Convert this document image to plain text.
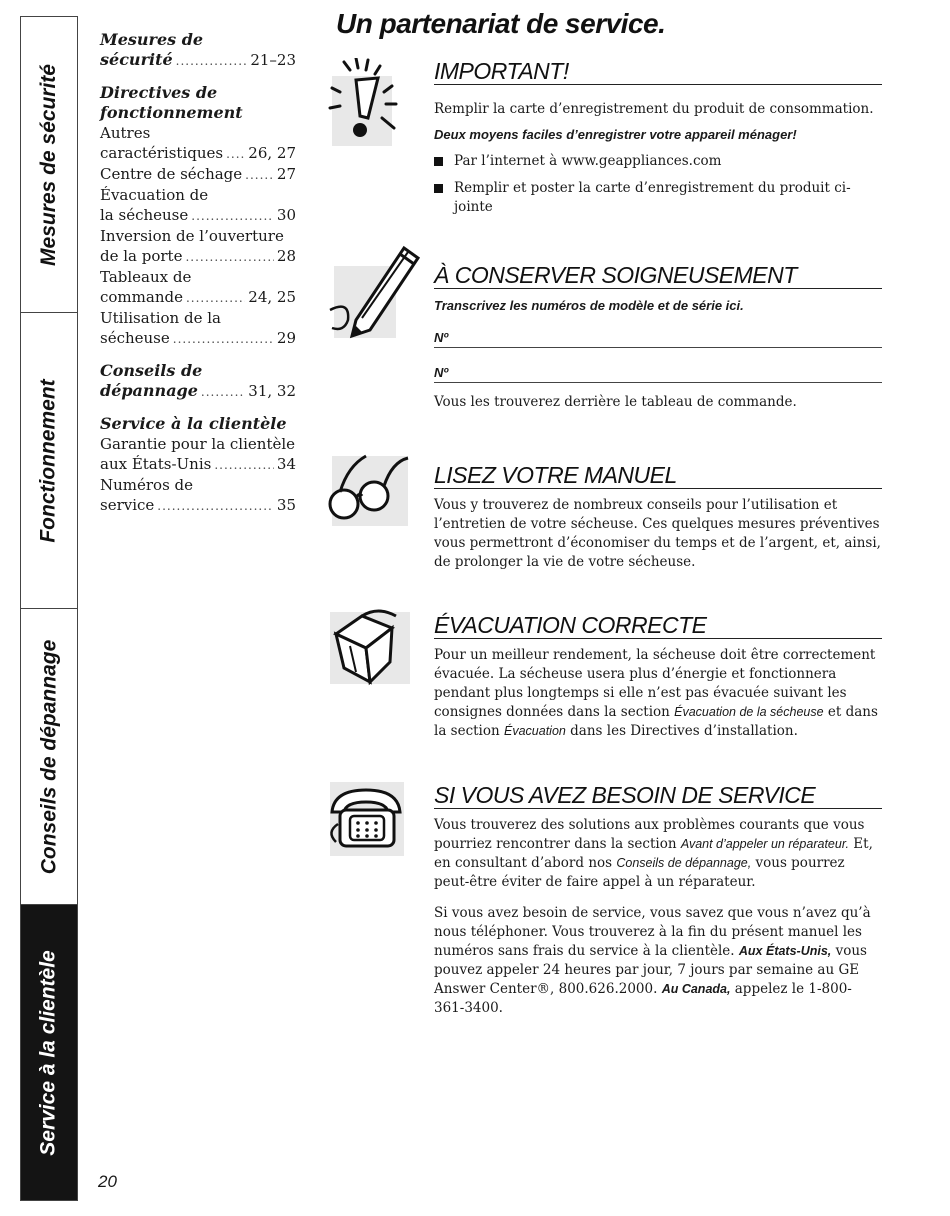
Mesures de sécurité
Fonctionnement
Conseils de dépannage
Service à la clientèle
Mesures de
sécurité .....	21–23
Directives de
fonctionnement
Autres
caractéristiques ..... 26, 27
Centre de séchage ..... 27
Évacuation de
la sécheuse .....	30
Inversion de l’ouverture
de la porte .....	28
Tableaux de
commande .....	24, 25
Utilisation de la
sécheuse .....	29
Conseils de
dépannage .....	31, 32
Service à la clientèle
Garantie pour la clientèle
aux États-Unis .....	34
Numéros de
service .....	35
20
Un partenariat de service.
IMPORTANT!

Remplir la carte d’enregistrement du produit de consommation.

Deux moyens faciles d’enregistrer votre appareil ménager!
Par l’internet à www.geappliances.com
Remplir et poster la carte d’enregistrement du produit ci-jointe
À CONSERVER SOIGNEUSEMENT
Transcrivez les numéros de modèle et de série ici.
Nº
Nº

Vous les trouverez derrière le tableau de commande.

LISEZ VOTRE MANUEL

Vous y trouverez de nombreux conseils pour l’utilisation et l’entretien de votre sécheuse. Ces quelques mesures préventives vous permettront d’économiser du temps et de l’argent, et, ainsi, de prolonger la vie de votre sécheuse.

ÉVACUATION CORRECTE

Pour un meilleur rendement, la sécheuse doit être correctement évacuée. La sécheuse usera plus d’énergie et fonctionnera pendant plus longtemps si elle n’est pas évacuée suivant les consignes données dans la section Évacuation de la sécheuse et dans la section Évacuation dans les Directives d’installation.

SI VOUS AVEZ BESOIN DE SERVICE

Vous trouverez des solutions aux problèmes courants que vous pourriez rencontrer dans la section Avant d’appeler un réparateur. Et, en consultant d’abord nos Conseils de dépannage, vous pourrez peut-être éviter de faire appel à un réparateur.

Si vous avez besoin de service, vous savez que vous n’avez qu’à nous téléphoner. Vous trouverez à la fin du présent manuel les numéros sans frais du service à la clientèle. Aux États-Unis, vous pouvez appeler 24 heures par jour, 7 jours par semaine au GE Answer Center®, 800.626.2000. Au Canada, appelez le 1-800-361-3400.
